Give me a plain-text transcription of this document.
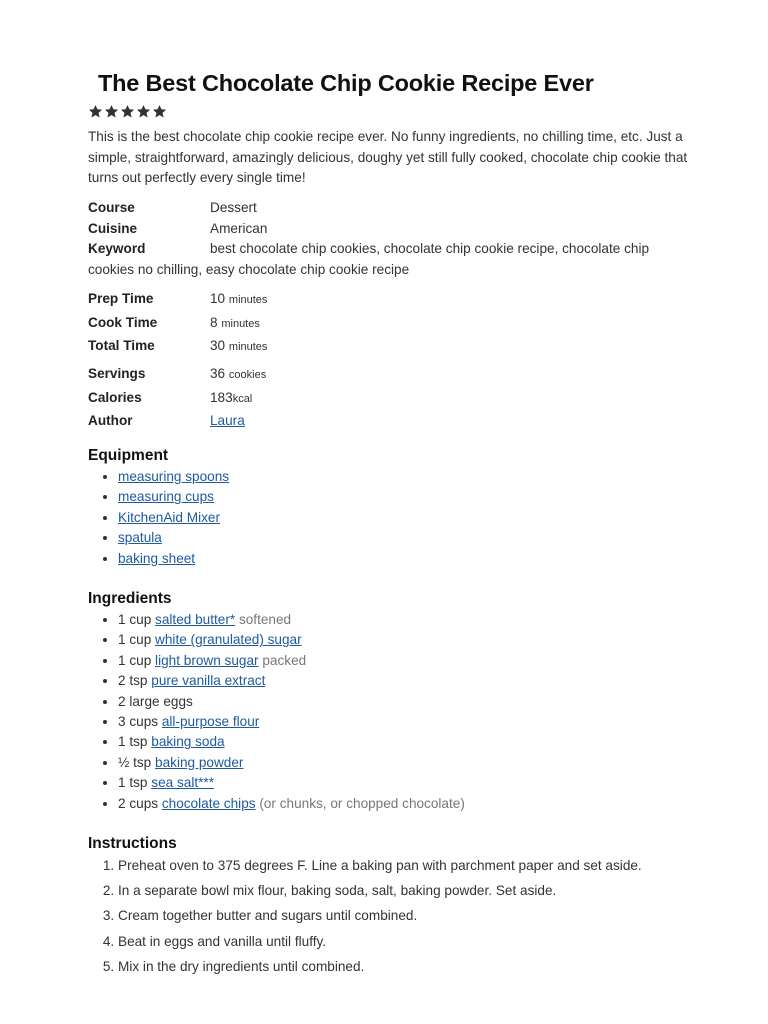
The Best Chocolate Chip Cookie Recipe Ever

This is the best chocolate chip cookie recipe ever. No funny ingredients, no chilling time, etc. Just a simple, straightforward, amazingly delicious, doughy yet still fully cooked, chocolate chip cookie that turns out perfectly every single time!

Course	Dessert
Cuisine	American
Keyword	best chocolate chip cookies, chocolate chip cookie recipe, chocolate chip cookies no chilling, easy chocolate chip cookie recipe
Prep Time	10 minutes
Cook Time	8 minutes
Total Time	30 minutes
Servings	36 cookies
Calories	183kcal
Author	Laura
Equipment
• measuring spoons
• measuring cups
• KitchenAid Mixer
• spatula
• baking sheet
Ingredients
• 1 cup salted butter* softened
• 1 cup white (granulated) sugar
• 1 cup light brown sugar packed
• 2 tsp pure vanilla extract
• 2 large eggs
• 3 cups all-purpose flour
• 1 tsp baking soda
• ½ tsp baking powder
• 1 tsp sea salt***
• 2 cups chocolate chips (or chunks, or chopped chocolate)
Instructions
1. Preheat oven to 375 degrees F. Line a baking pan with parchment paper and set aside.
2. In a separate bowl mix flour, baking soda, salt, baking powder. Set aside.
3. Cream together butter and sugars until combined.
4. Beat in eggs and vanilla until fluffy.
5. Mix in the dry ingredients until combined.
